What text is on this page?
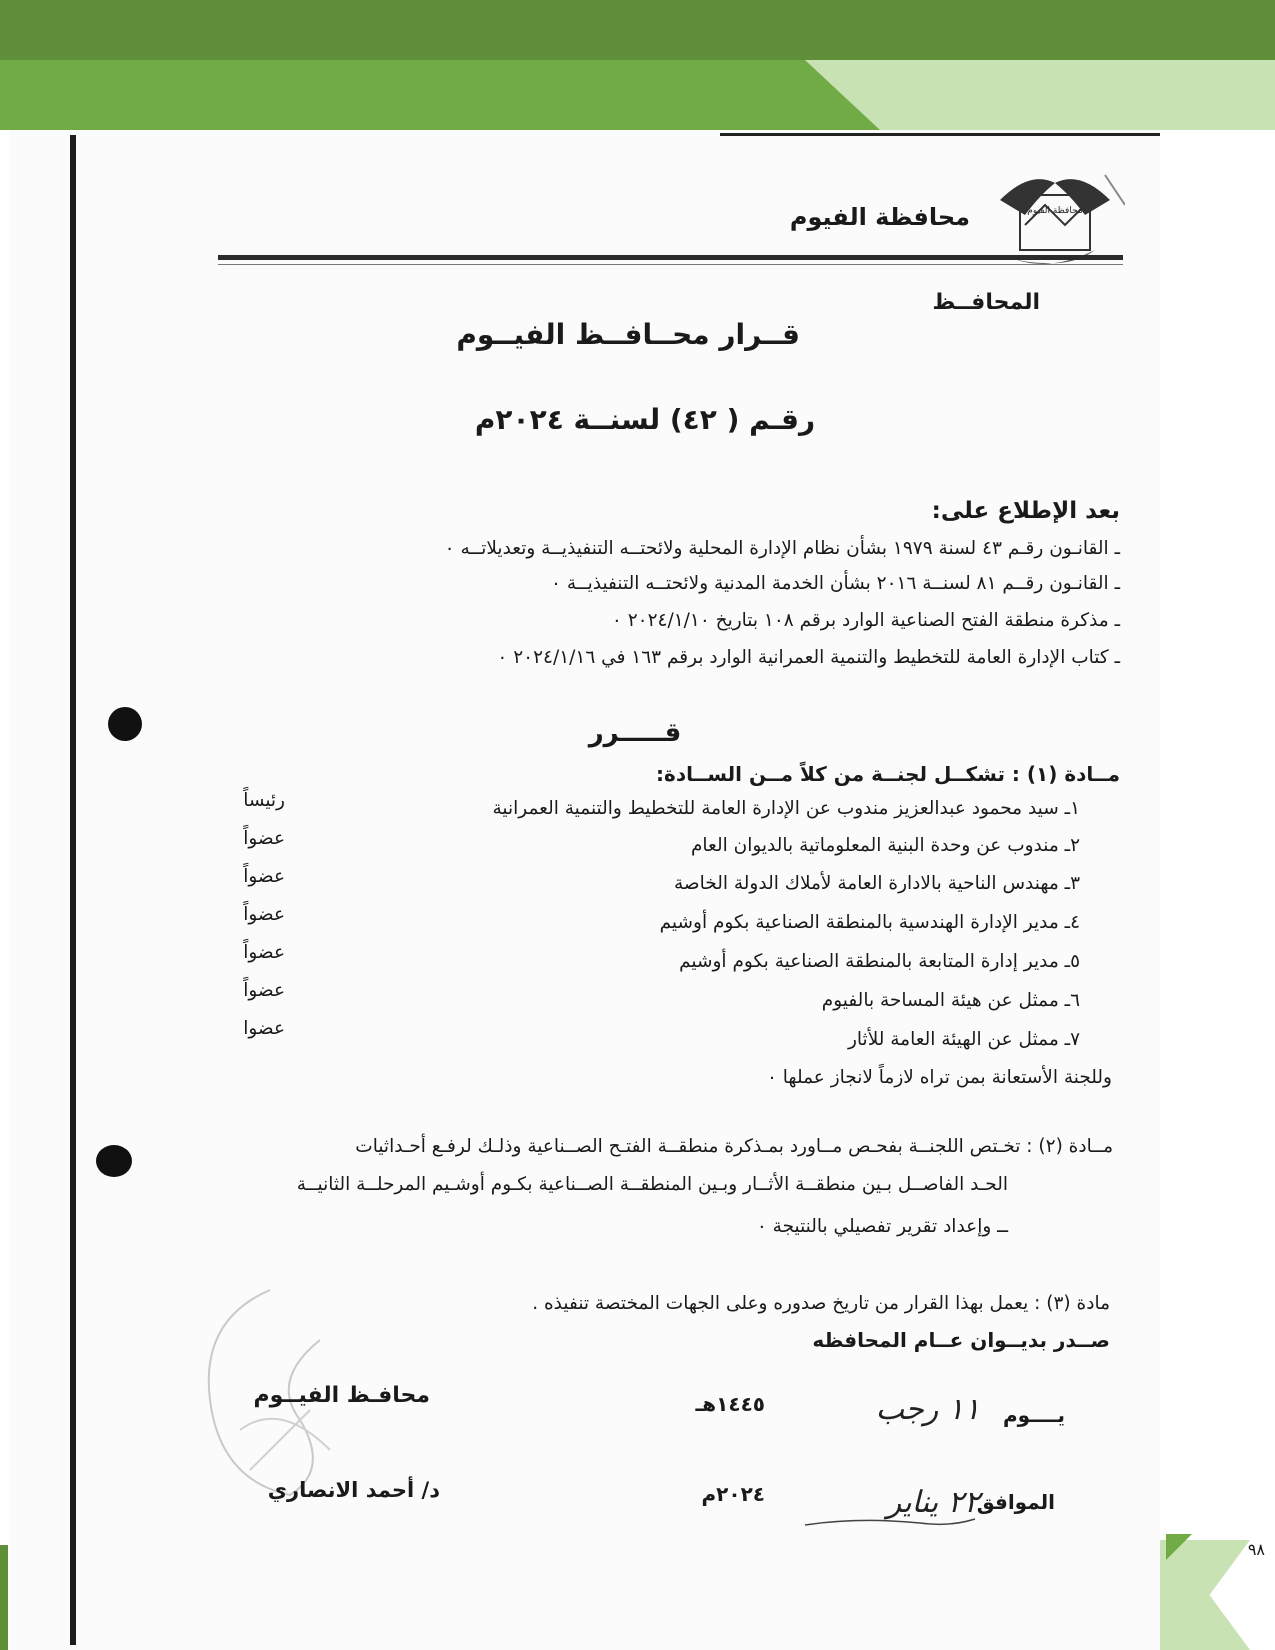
محافظة الفيوم
محافظة الفيوم
المحافــظ
قــرار محــافــظ الفيــوم
رقـم ( ٤٢) لسنــة ٢٠٢٤م
بعد الإطلاع على:
ـ القانـون رقـم ٤٣ لسنة ١٩٧٩ بشأن نظام الإدارة المحلية ولائحتــه التنفيذيــة وتعديلاتــه ٠
ـ القانـون رقــم ٨١ لسنــة ٢٠١٦ بشأن الخدمة المدنية ولائحتــه التنفيذيــة ٠
ـ مذكرة منطقة الفتح الصناعية الوارد برقم ١٠٨ بتاريخ ٢٠٢٤/١/١٠ ٠
ـ كتاب الإدارة العامة للتخطيط والتنمية العمرانية الوارد برقم ١٦٣ في ٢٠٢٤/١/١٦ ٠
قـــــرر
مــادة (١) : تشكــل لجنــة من كلاً مــن الســادة:
١ـ سيد محمود عبدالعزيز مندوب عن الإدارة العامة للتخطيط والتنمية العمرانية
رئيساً
٢ـ مندوب عن وحدة البنية المعلوماتية بالديوان العام
عضواً
٣ـ مهندس الناحية بالادارة العامة لأملاك الدولة الخاصة
عضواً
٤ـ مدير الإدارة الهندسية بالمنطقة الصناعية بكوم أوشيم
عضواً
٥ـ مدير إدارة المتابعة بالمنطقة الصناعية بكوم أوشيم
عضواً
٦ـ ممثل عن هيئة المساحة بالفيوم
عضواً
٧ـ ممثل عن الهيئة العامة للأثار
عضوا
وللجنة الأستعانة بمن تراه لازماً لانجاز عملها ٠
مــادة (٢) : تخـتص اللجنــة بفحـص مــاورد بمـذكرة منطقــة الفتـح الصــناعية وذلـك لرفـع أحـداثيات
الحـد الفاصــل بـين منطقــة الأثــار وبـين المنطقــة الصــناعية بكـوم أوشـيم المرحلــة الثانيــة
ــ وإعداد تقرير تفصيلي بالنتيجة ٠
مادة (٣) : يعمل بهذا القرار من تاريخ صدوره وعلى الجهات المختصة تنفيذه .
صــدر بديــوان عــام المحافظه
يــــوم
١١ رجب
١٤٤٥هـ
محافـظ الفيــوم
الموافق
٢٢ يناير
٢٠٢٤م
د/ أحمد الانصاري
٩٨
